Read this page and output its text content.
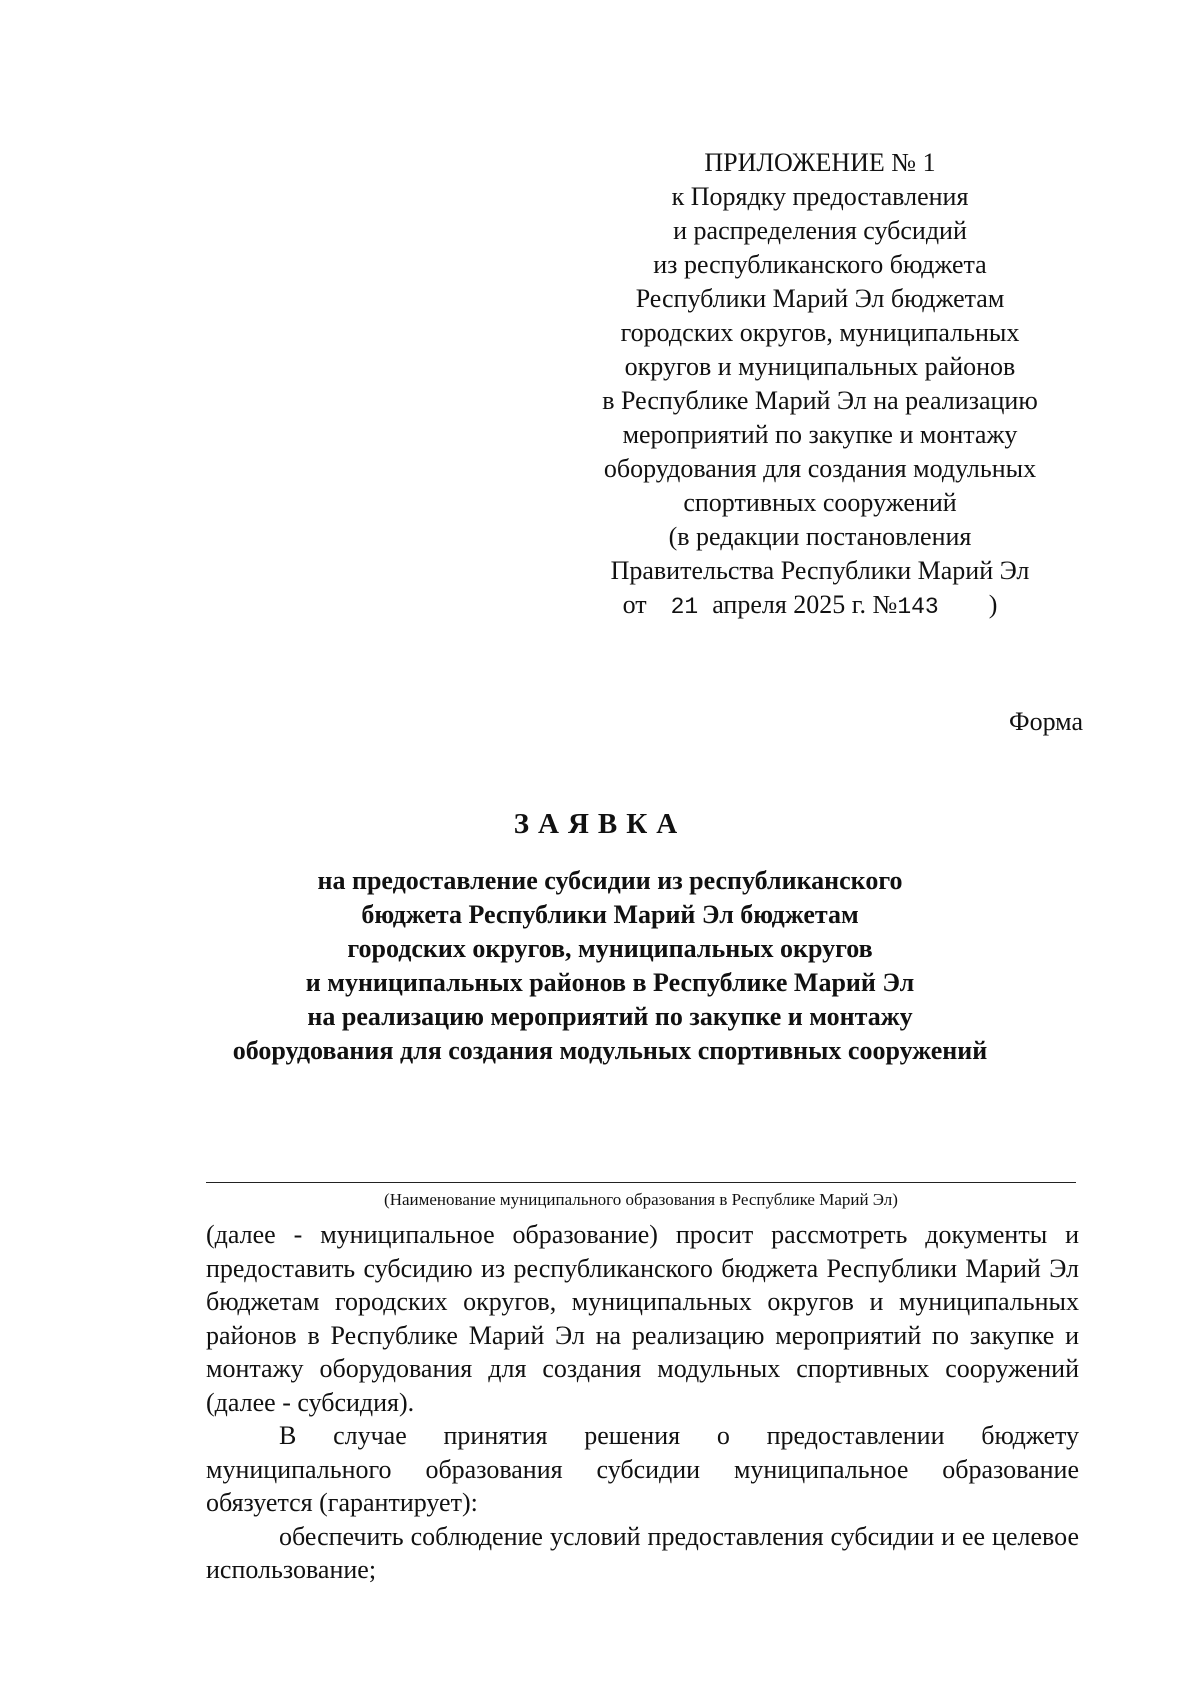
ПРИЛОЖЕНИЕ № 1
к Порядку предоставления
и распределения субсидий
из республиканского бюджета
Республики Марий Эл бюджетам
городских округов, муниципальных
округов и муниципальных районов
в Республике Марий Эл на реализацию
мероприятий по закупке и монтажу
оборудования для создания модульных
спортивных сооружений
(в редакции постановления
Правительства Республики Марий Эл
от 21 апреля 2025 г. №143 )
Форма
ЗАЯВКА
на предоставление субсидии из республиканского
бюджета Республики Марий Эл бюджетам
городских округов, муниципальных округов
и муниципальных районов в Республике Марий Эл
на реализацию мероприятий по закупке и монтажу
оборудования для создания модульных спортивных сооружений
(Наименование муниципального образования в Республике Марий Эл)

(далее - муниципальное образование) просит рассмотреть документы и предоставить субсидию из республиканского бюджета Республики Марий Эл бюджетам городских округов, муниципальных округов и муниципальных районов в Республике Марий Эл на реализацию мероприятий по закупке и монтажу оборудования для создания модульных спортивных сооружений (далее - субсидия).

В случае принятия решения о предоставлении бюджету муниципального образования субсидии муниципальное образование обязуется (гарантирует):

обеспечить соблюдение условий предоставления субсидии и ее целевое использование;
